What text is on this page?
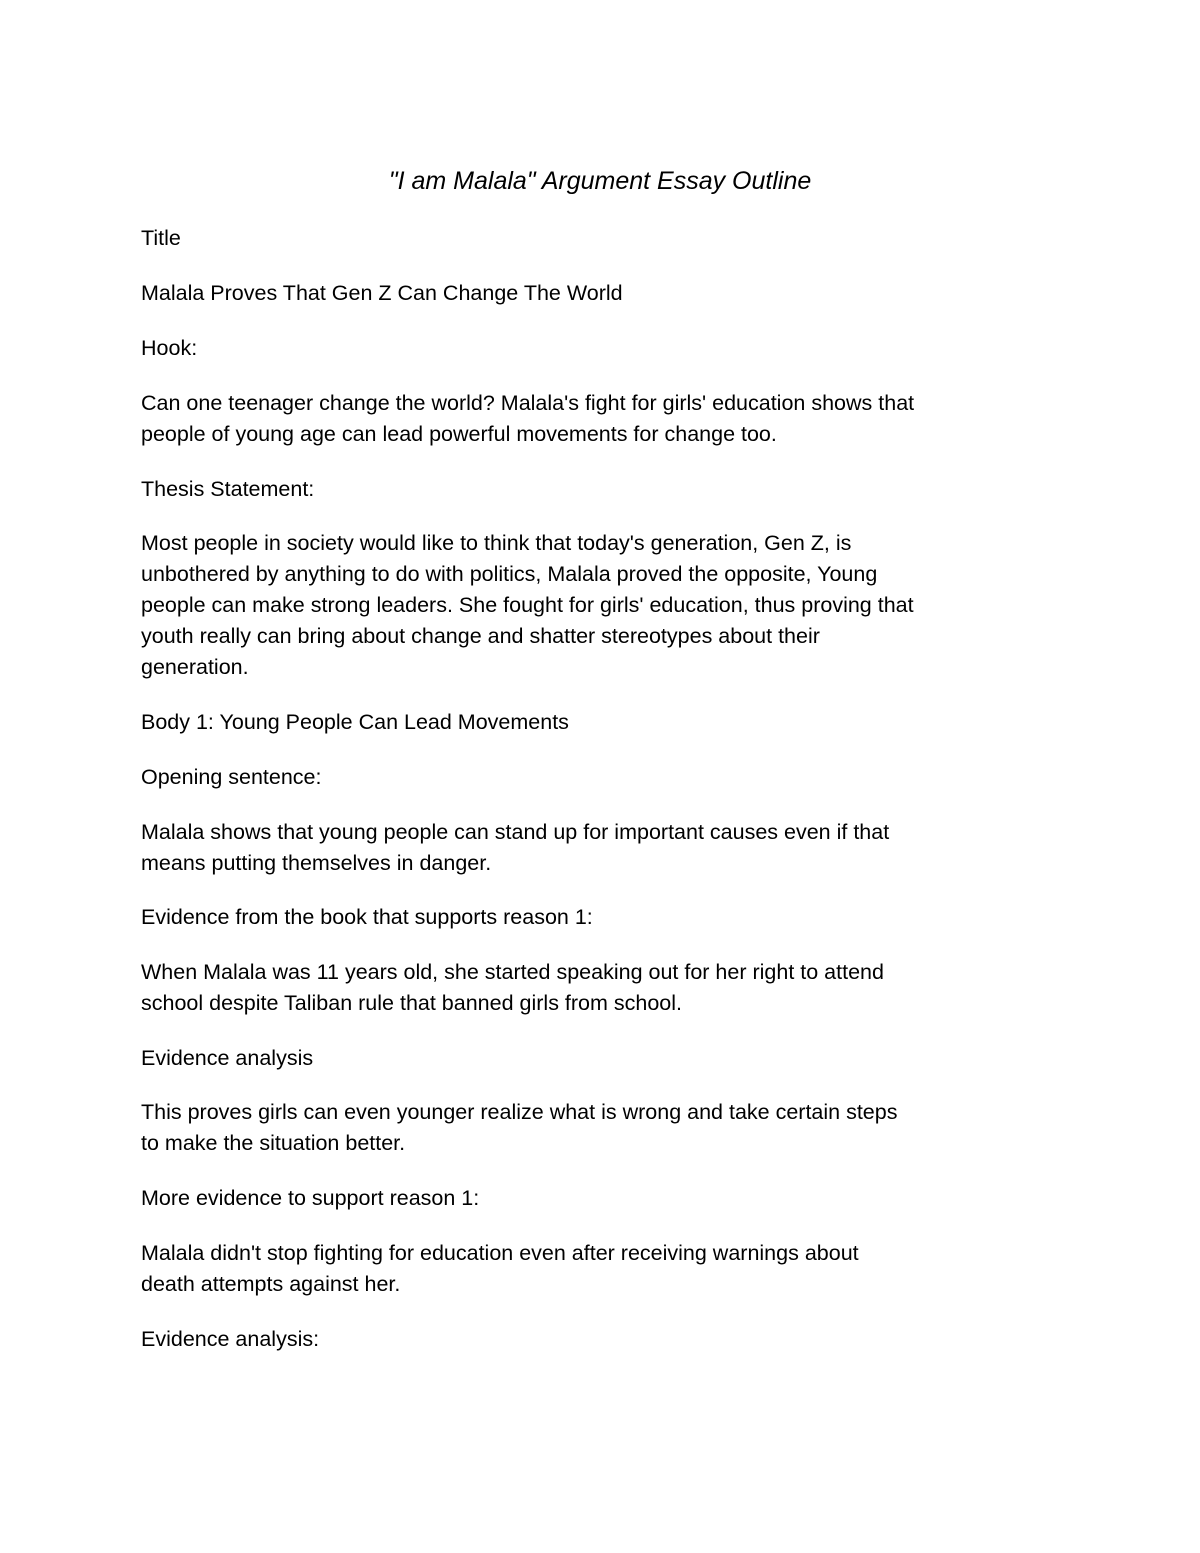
"I am Malala" Argument Essay Outline

Title

Malala Proves That Gen Z Can Change The World

Hook:

Can one teenager change the world? Malala's fight for girls' education shows that
people of young age can lead powerful movements for change too.

Thesis Statement:

Most people in society would like to think that today's generation, Gen Z, is
unbothered by anything to do with politics, Malala proved the opposite, Young
people can make strong leaders. She fought for girls' education, thus proving that
youth really can bring about change and shatter stereotypes about their
generation.

Body 1: Young People Can Lead Movements

Opening sentence:

Malala shows that young people can stand up for important causes even if that
means putting themselves in danger.

Evidence from the book that supports reason 1:

When Malala was 11 years old, she started speaking out for her right to attend
school despite Taliban rule that banned girls from school.

Evidence analysis

This proves girls can even younger realize what is wrong and take certain steps
to make the situation better.

More evidence to support reason 1:

Malala didn't stop fighting for education even after receiving warnings about
death attempts against her.

Evidence analysis:
